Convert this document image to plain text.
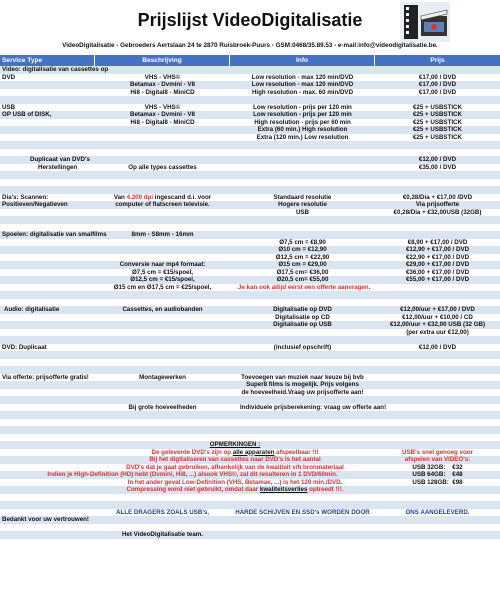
Prijslijst VideoDigitalisatie
VideoDigitalisatie - Gebroeders Aertslaan 24 te 2870 Ruisbroek-Puurs - GSM:0468/35.89.53 - e-mail:info@videodigitalisatie.be.
Service Type	Beschrijving	Info	Prijs
Video: digitalisatie van cassettes op
DVD	VHS - VHS©	Low resolution - max 120 min/DVD	€17,00 / DVD
Betamax - Dvmini - V8	Low resolution - max 120 min/DVD	€17,00 / DVD
Hi8 - Digital8 - MiniCD	High resolution - max. 60 min/DVD	€17,00 / DVD
USB	VHS - VHS©	Low resolution - prijs per 120 min	€25 + USBSTICK
OP USB of DISK,	Betamax - Dvmini - V8	Low resolution - prijs per 120 min	€25 + USBSTICK
Hi8 - Digital8 - MiniCD	High resolution - prijs per 60 min	€25 + USBSTICK
Extra (60 min.) High resolution	€25 + USBSTICK
Extra (120 min.) Low resolution	€25 + USBSTICK
Duplicaat van DVD's	€12,00 / DVD
Herstellingen	Op alle types cassettes	€35,00 / DVD
Dia's: Scannen:	Van 4.200 dpi ingescand d.i. voor	Standaard resolutie	€0,28/Dia + €17,00 /DVD
Positieven/Negatieven	computer of flatscreen televisie.	Hogere resolutie	Via prijsofferte
USB	€0,28/Dia + €32,00USB (32GB)
Spoelen: digitalisatie van smalfilms	8mm - S8mm - 16mm
Ø7,5 cm = €8,90	€8,90 + €17,00 / DVD
Ø10 cm = €12,90	€12,90 + €17,00 / DVD
Ø12,5 cm = €22,90	€22,90 + €17,00 / DVD
Conversie naar mp4 formaat:	Ø15 cm = €29,00	€29,00 + €17,00 / DVD
Ø7,5 cm = €15/spoel,	Ø17,5 cm= €36,00	€36,00 + €17,00 / DVD
Ø12,5 cm = €15/spoel,	Ø20,5 cm= €55,00	€55,00 + €17,00 / DVD
Ø15 cm en Ø17,5 cm = €25/spoel,	Je kan ook altijd eerst een offerte aanvragen.
Audio: digitalisatie	Cassettes, en audiobanden	Digitalisatie op DVD	€12,00/uur + €17,00 / DVD
Digitalisatie op CD	€12,00/uur + €10,00 / CD
Digitalisatie op USB	€12,00/uur + €32,00 USB (32 GB)
(per extra uur €12,00)
DVD: Duplicaat	(inclusief opschrift)	€12,00 / DVD
Via offerte: prijsofferte gratis!	Montagewerken	Toevoegen van muziek naar keuze bij bvb
Super8 films is mogelijk. Prijs volgens
de hoeveelheid.Vraag uw prijsofferte aan!
Bij grote hoeveelheden	Individuele prijsberekening: vraag uw offerte aan!
OPMERKINGEN :
De geleverde DVD's zijn op alle apparaten afspeelbaar !!!	USB's snel genoeg voor
Bij het digitaliseren van cassettes naar DVD's is het aantal	afspelen van VIDEO's:
DVD's dat je gaat gebruiken, afhankelijk van de kwaliteit v/h bronmateriaal	USB 32GB: €32
Indien je High-Definition (HD) hebt (Dvmini, Hi8, ...) alsook VHS©, zal dit resulteren in 1 DVD/60min.	USB 64GB: €48
In het ander geval Low-Definition (VHS, Betamax, ...) is het 120 min./DVD.	USB 128GB: €98
Compressing word niet gebruikt, omdat daar kwaliteitsverlies optreedt !!!.
ALLE DRAGERS ZOALS USB's,	HARDE SCHIJVEN EN SSD's WORDEN DOOR	ONS AANGELEVERD.
Bedankt voor uw vertrouwen!
Het VideoDigitalisatie team.
